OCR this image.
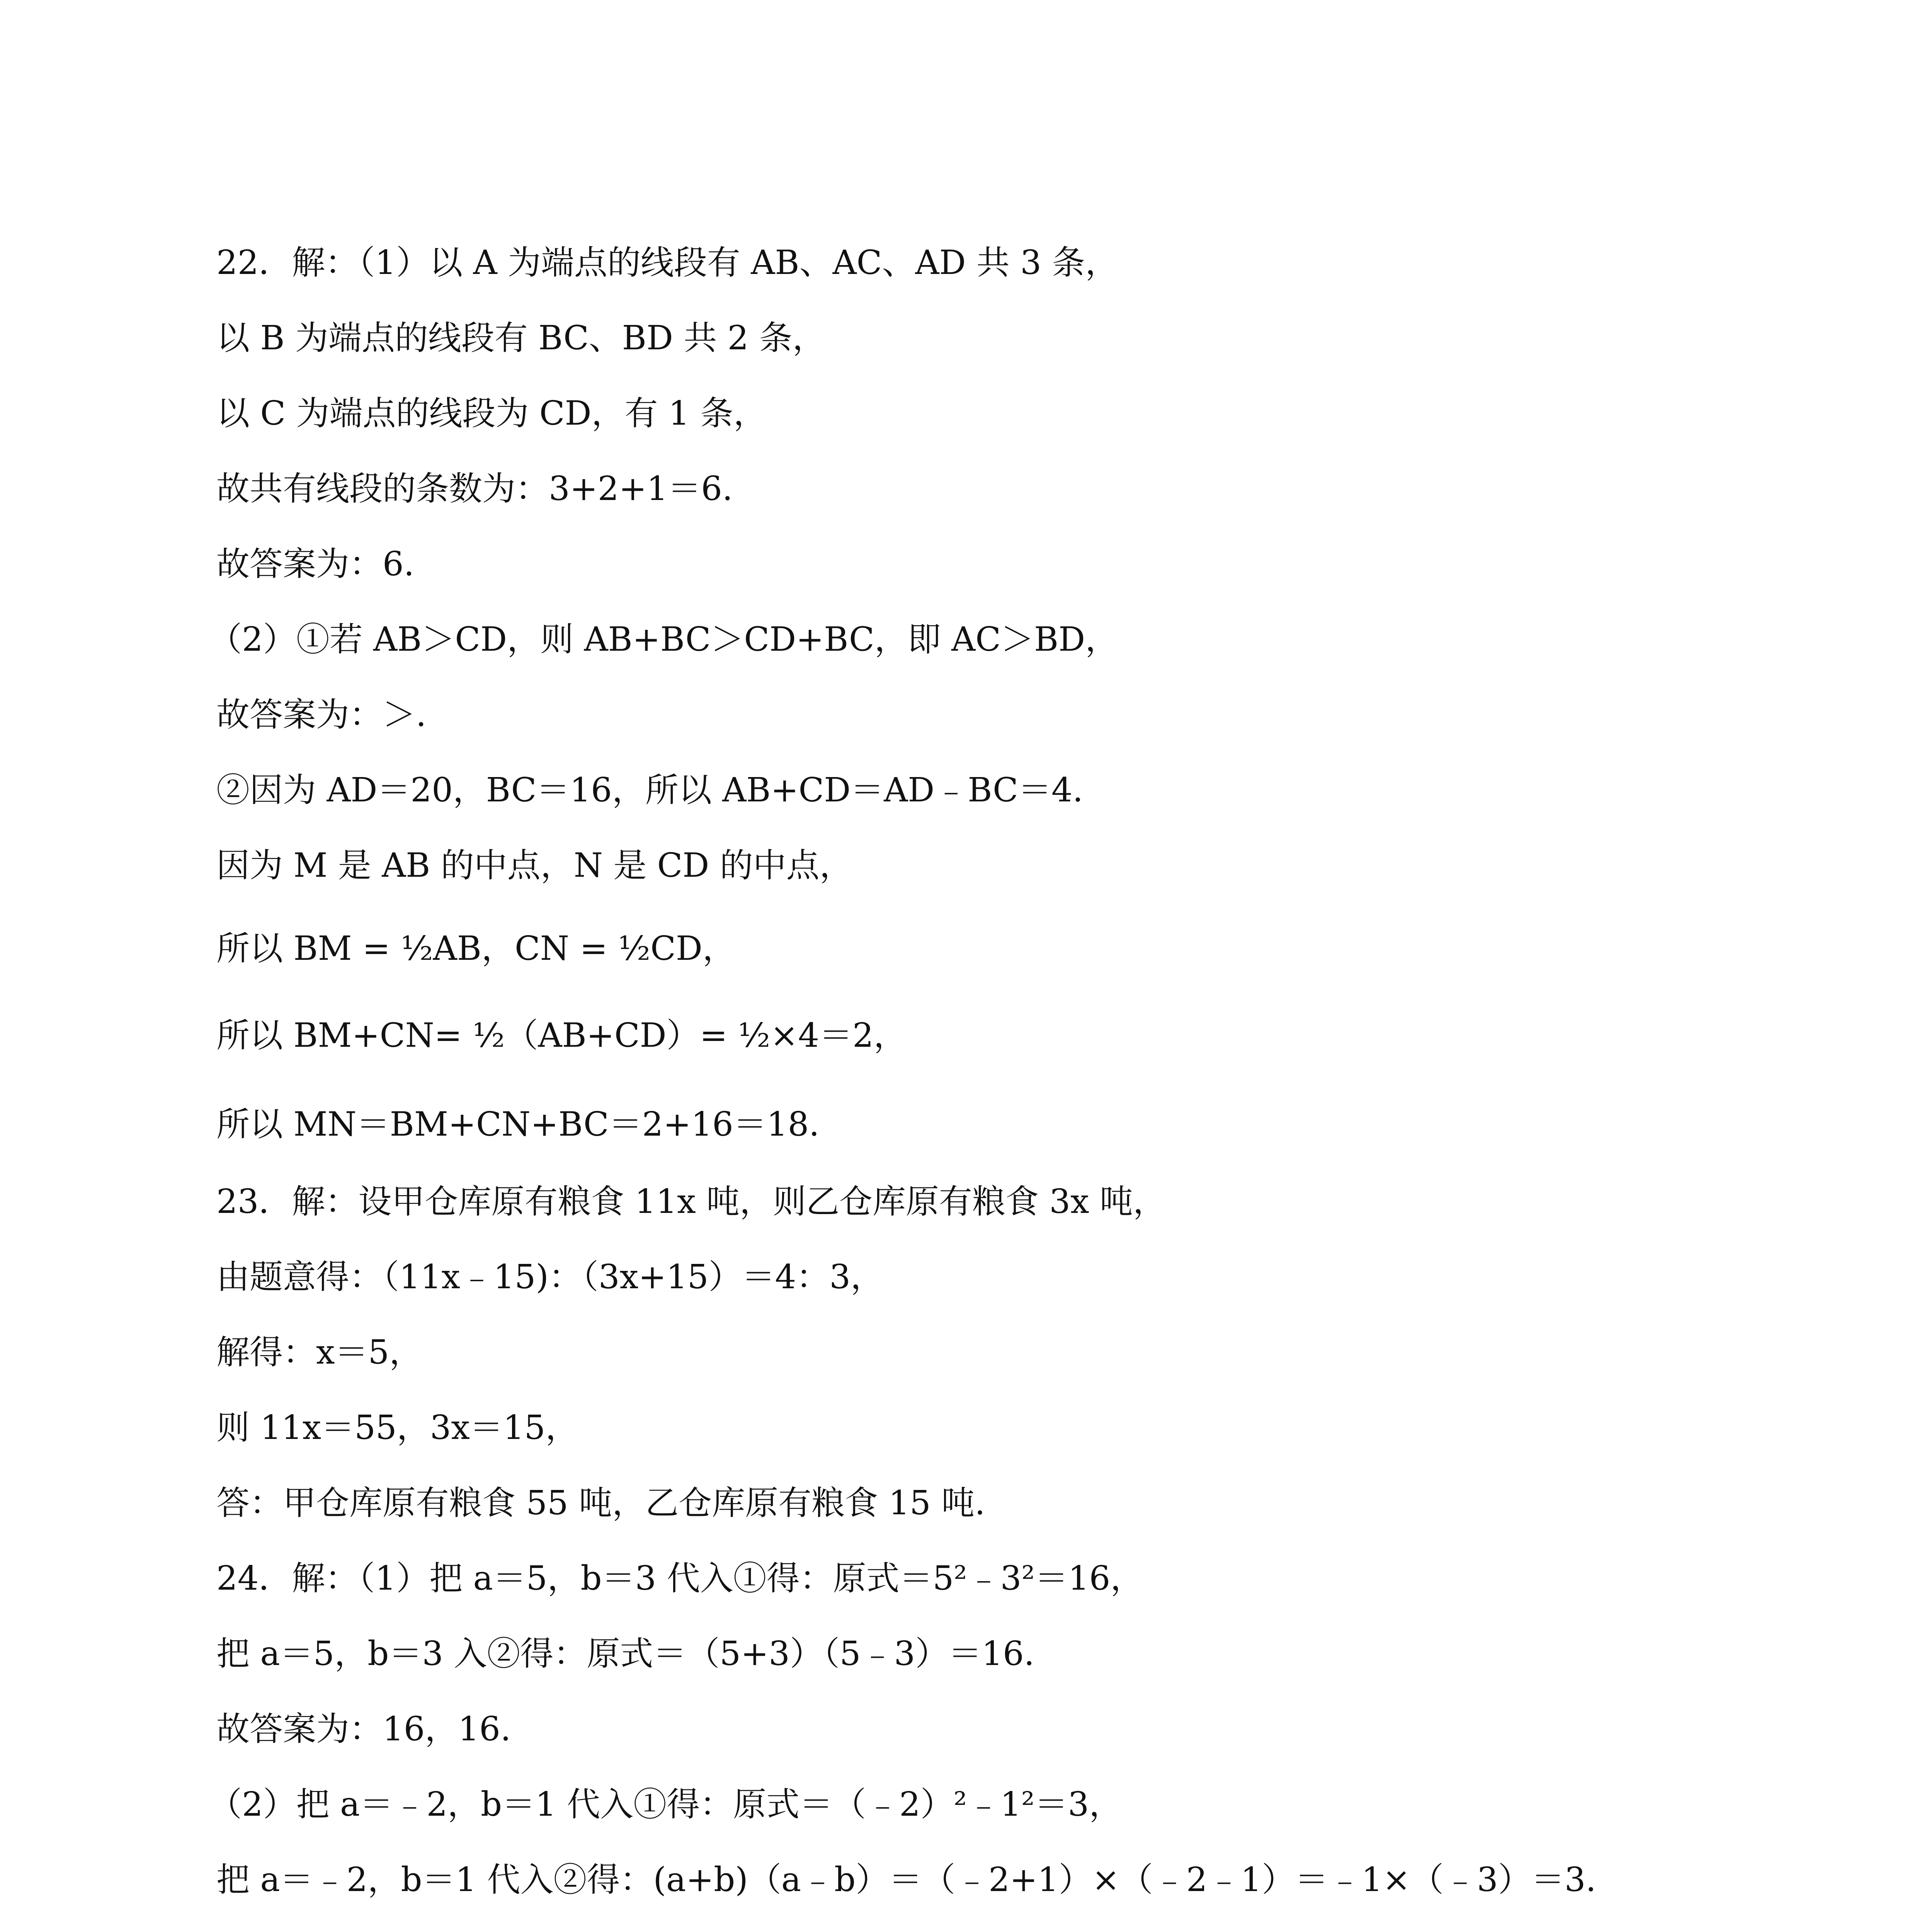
22．解：（1）以 A 为端点的线段有 AB、AC、AD 共 3 条，
以 B 为端点的线段有 BC、BD 共 2 条，
以 C 为端点的线段为 CD，有 1 条，
故共有线段的条数为：3+2+1＝6.
故答案为：6.
（2）①若 AB＞CD，则 AB+BC＞CD+BC，即 AC＞BD，
故答案为：＞.
②因为 AD＝20，BC＝16，所以 AB+CD＝AD﹣BC＝4.
因为 M 是 AB 的中点，N 是 CD 的中点，
所以 BM = ½AB，CN = ½CD，
所以 BM+CN= ½（AB+CD）= ½×4＝2，
所以 MN＝BM+CN+BC＝2+16＝18.
23．解：设甲仓库原有粮食 11x 吨，则乙仓库原有粮食 3x 吨，
由题意得：（11x﹣15)：（3x+15）＝4：3，
解得：x＝5，
则 11x＝55，3x＝15，
答：甲仓库原有粮食 55 吨，乙仓库原有粮食 15 吨.
24．解：（1）把 a＝5，b＝3 代入①得：原式＝5²﹣3²＝16，
把 a＝5，b＝3 入②得：原式＝（5+3）（5﹣3）＝16.
故答案为：16，16.
（2）把 a＝﹣2，b＝1 代入①得：原式＝（﹣2）²﹣1²＝3，
把 a＝﹣2，b＝1 代入②得：(a+b)（a﹣b）＝（﹣2+1）×（﹣2﹣1）＝﹣1×（﹣3）＝3.
